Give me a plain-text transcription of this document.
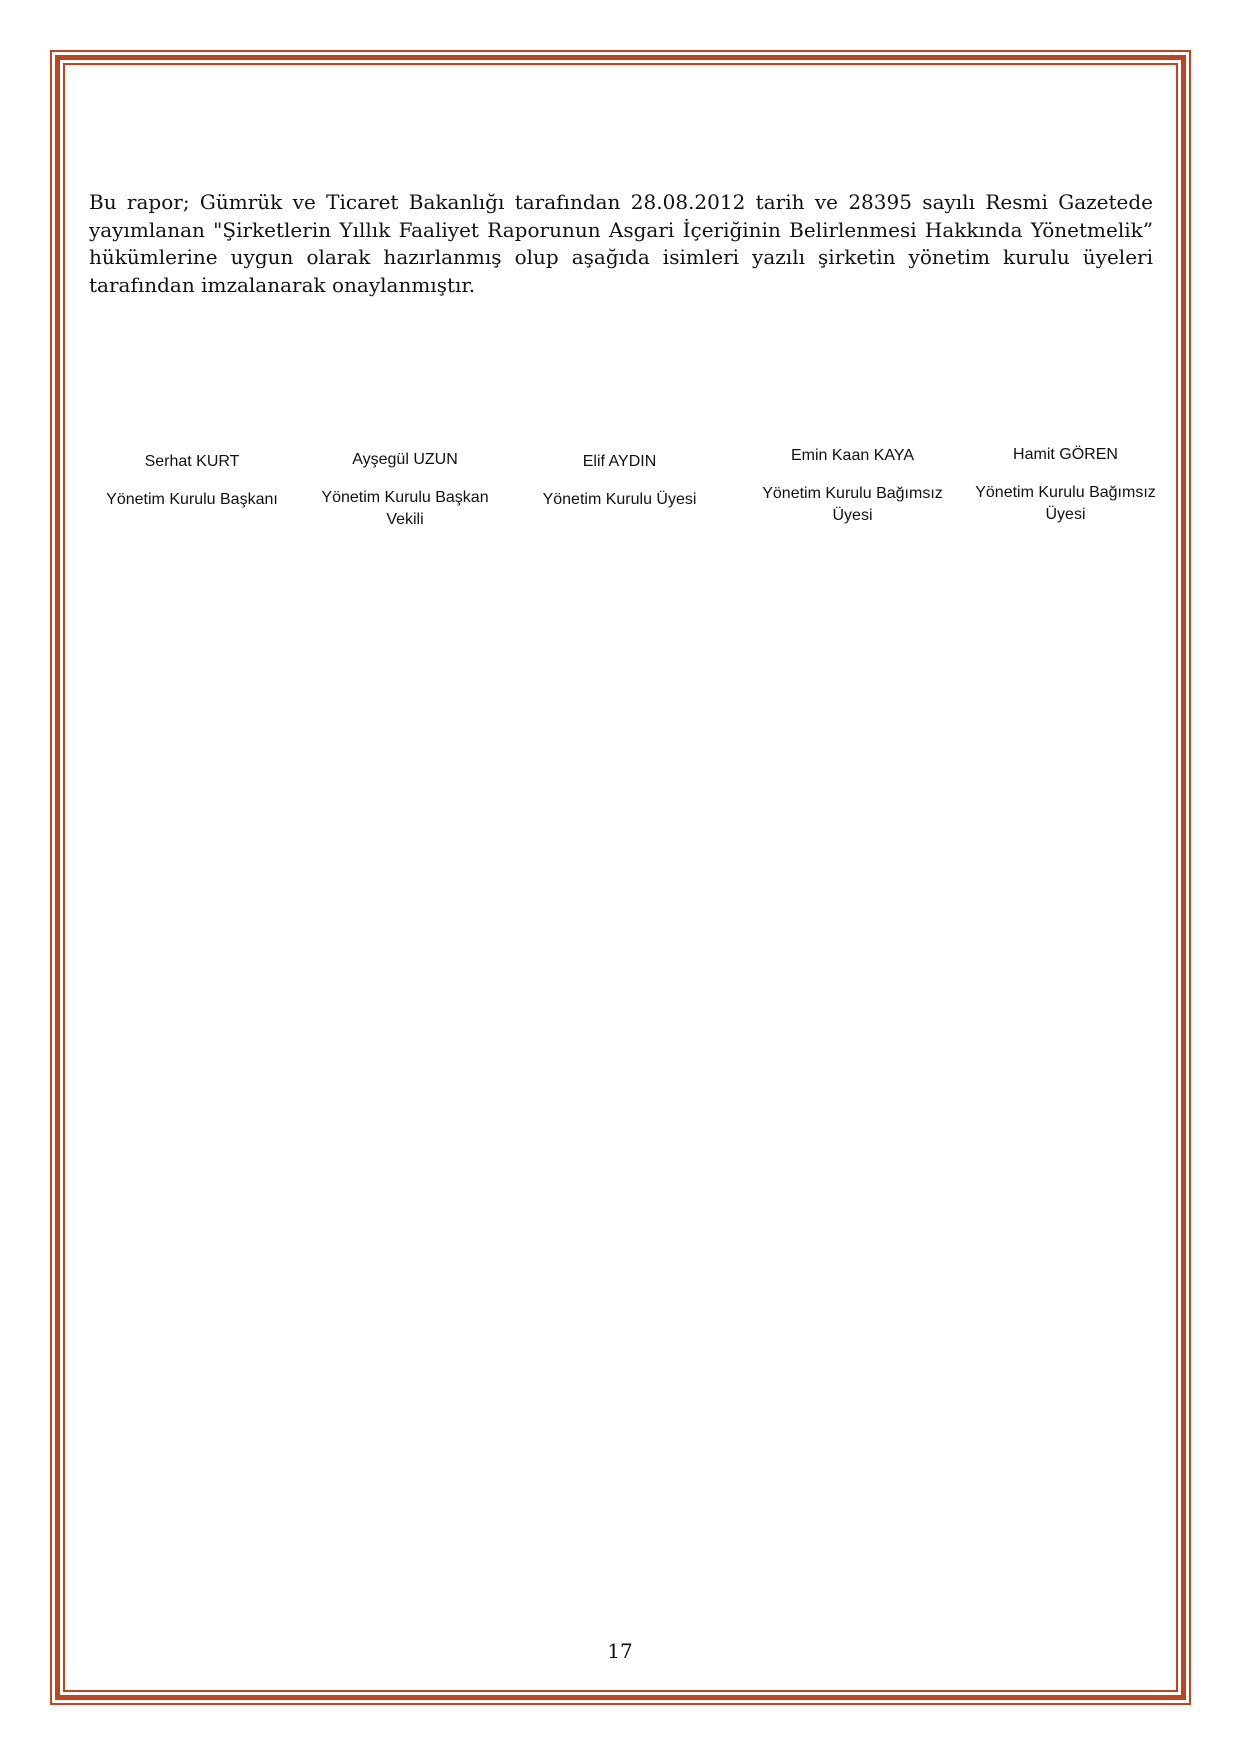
Bu rapor; Gümrük ve Ticaret Bakanlığı tarafından 28.08.2012 tarih ve 28395 sayılı Resmi Gazetede yayımlanan "Şirketlerin Yıllık Faaliyet Raporunun Asgari İçeriğinin Belirlenmesi Hakkında Yönetmelik” hükümlerine uygun olarak hazırlanmış olup aşağıda isimleri yazılı şirketin yönetim kurulu üyeleri tarafından imzalanarak onaylanmıştır.

Serhat KURT
Yönetim Kurulu Başkanı
Ayşegül UZUN
Yönetim Kurulu Başkan Vekili
Elif AYDIN
Yönetim Kurulu Üyesi
Emin Kaan KAYA
Yönetim Kurulu Bağımsız Üyesi
Hamit GÖREN
Yönetim Kurulu Bağımsız Üyesi
17
